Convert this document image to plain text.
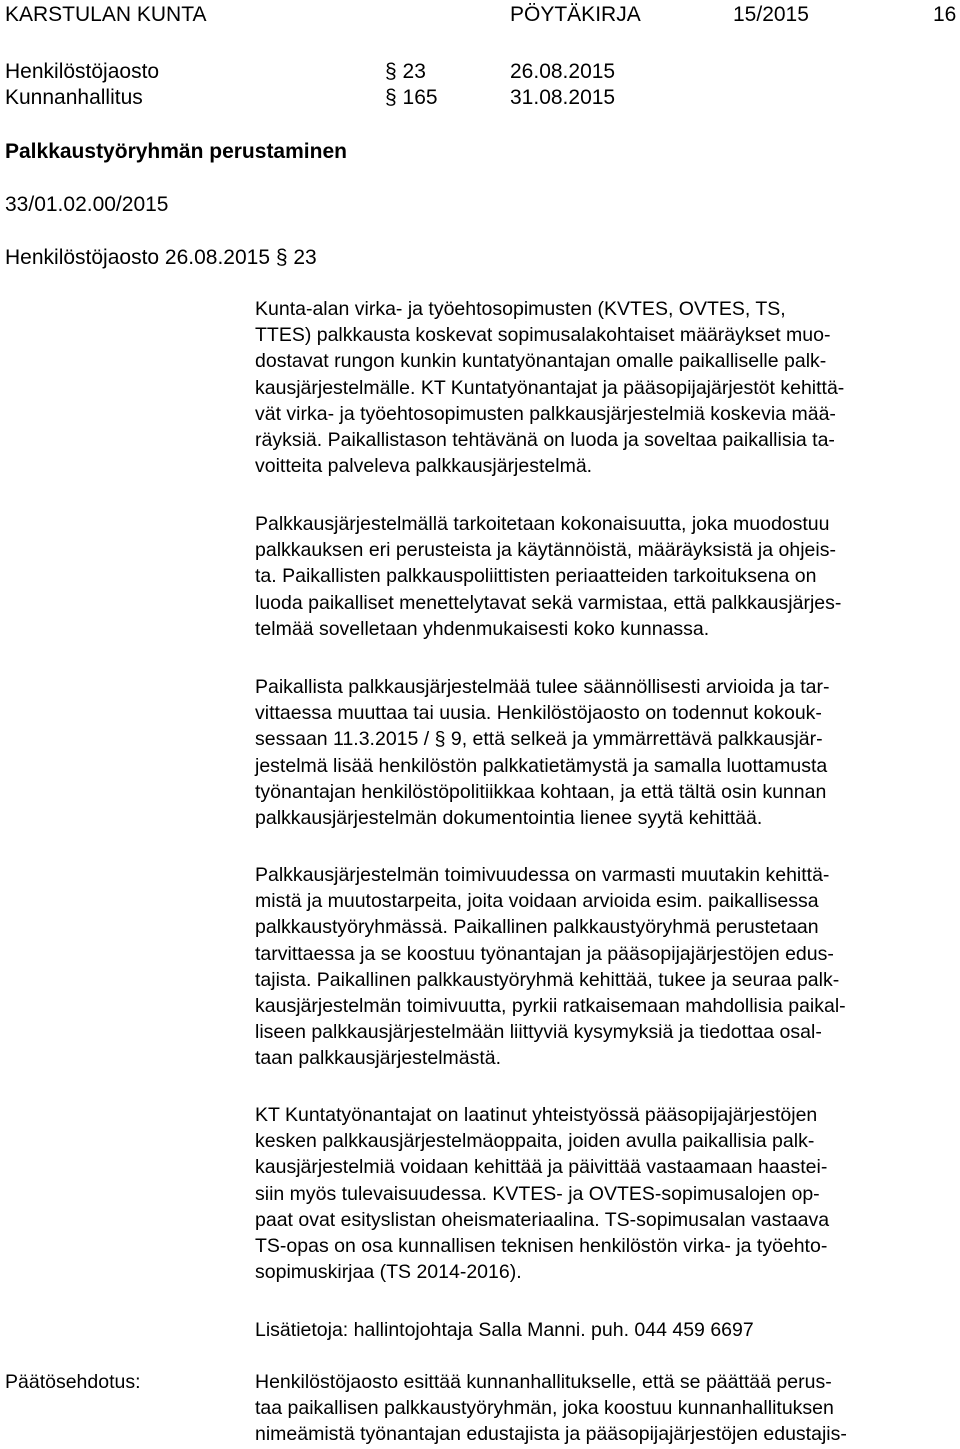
KARSTULAN KUNTA	PÖYTÄKIRJA	15/2015	16
Henkilöstöjaosto	§ 23	26.08.2015
Kunnanhallitus	§ 165	31.08.2015
Palkkaustyöryhmän perustaminen
33/01.02.00/2015
Henkilöstöjaosto 26.08.2015 § 23
Kunta-alan virka- ja työehtosopimusten (KVTES, OVTES, TS,
TTES) palkkausta koskevat sopimusalakohtaiset määräykset muo-
dostavat rungon kunkin kuntatyönantajan omalle paikalliselle palk-
kausjärjestelmälle. KT Kuntatyönantajat ja pääsopijajärjestöt kehittä-
vät virka- ja työehtosopimusten palkkausjärjestelmiä koskevia mää-
räyksiä. Paikallistason tehtävänä on luoda ja soveltaa paikallisia ta-
voitteita palveleva palkkausjärjestelmä.
Palkkausjärjestelmällä tarkoitetaan kokonaisuutta, joka muodostuu
palkkauksen eri perusteista ja käytännöistä, määräyksistä ja ohjeis-
ta. Paikallisten palkkauspoliittisten periaatteiden tarkoituksena on
luoda paikalliset menettelytavat sekä varmistaa, että palkkausjärjes-
telmää sovelletaan yhdenmukaisesti koko kunnassa.
Paikallista palkkausjärjestelmää tulee säännöllisesti arvioida ja tar-
vittaessa muuttaa tai uusia. Henkilöstöjaosto on todennut kokouk-
sessaan 11.3.2015 / § 9, että selkeä ja ymmärrettävä palkkausjär-
jestelmä lisää henkilöstön palkkatietämystä ja samalla luottamusta
työnantajan henkilöstöpolitiikkaa kohtaan, ja että tältä osin kunnan
palkkausjärjestelmän dokumentointia lienee syytä kehittää.
Palkkausjärjestelmän toimivuudessa on varmasti muutakin kehittä-
mistä ja muutostarpeita, joita voidaan arvioida esim. paikallisessa
palkkaustyöryhmässä. Paikallinen palkkaustyöryhmä perustetaan
tarvittaessa ja se koostuu työnantajan ja pääsopijajärjestöjen edus-
tajista. Paikallinen palkkaustyöryhmä kehittää, tukee ja seuraa palk-
kausjärjestelmän toimivuutta, pyrkii ratkaisemaan mahdollisia paikal-
liseen palkkausjärjestelmään liittyviä kysymyksiä ja tiedottaa osal-
taan palkkausjärjestelmästä.
KT Kuntatyönantajat on laatinut yhteistyössä pääsopijajärjestöjen
kesken palkkausjärjestelmäoppaita, joiden avulla paikallisia palk-
kausjärjestelmiä voidaan kehittää ja päivittää vastaamaan haastei-
siin myös tulevaisuudessa. KVTES- ja OVTES-sopimusalojen op-
paat ovat esityslistan oheismateriaalina. TS-sopimusalan vastaava
TS-opas on osa kunnallisen teknisen henkilöstön virka- ja työehto-
sopimuskirjaa (TS 2014-2016).
Lisätietoja: hallintojohtaja Salla Manni. puh. 044 459 6697
Päätösehdotus:	Henkilöstöjaosto esittää kunnanhallitukselle, että se päättää perus-
taa paikallisen palkkaustyöryhmän, joka koostuu kunnanhallituksen
nimeämistä työnantajan edustajista ja pääsopijajärjestöjen edustajis-
